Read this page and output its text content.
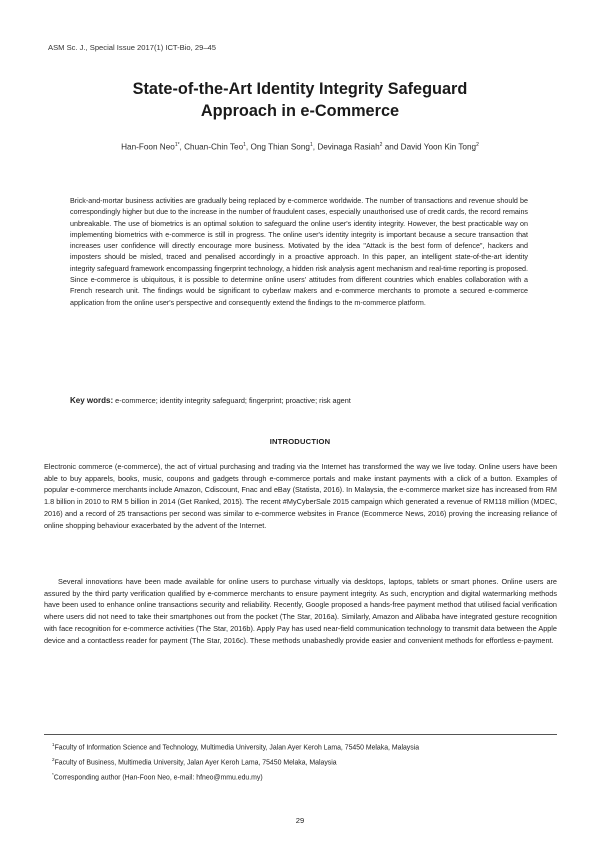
ASM Sc. J., Special Issue 2017(1) ICT-Bio, 29–45
State-of-the-Art Identity Integrity Safeguard
Approach in e-Commerce
Han-Foon Neo$^{1*}$, Chuan-Chin Teo$^1$, Ong Thian Song$^1$, Devinaga Rasiah$^2$ and David Yoon Kin Tong$^2$
Brick-and-mortar business activities are gradually being replaced by e-commerce worldwide. The number of transactions and revenue should be correspondingly higher but due to the increase in the number of fraudulent cases, especially unauthorised use of credit cards, the record remains unbreakable. The use of biometrics is an optimal solution to safeguard the online user's identity integrity. However, the best practicable way on implementing biometrics with e-commerce is still in progress. The online user's identity integrity is important because a secure transaction that increases user confidence will directly encourage more business. Motivated by the idea "Attack is the best form of defence", hackers and imposters should be misled, traced and penalised accordingly in a proactive approach. In this paper, an intelligent state-of-the-art identity integrity safeguard framework encompassing fingerprint technology, a hidden risk analysis agent mechanism and real-time reporting is proposed. Since e-commerce is ubiquitous, it is possible to determine online users' attitudes from different countries which enables collaboration with a French research unit. The findings would be significant to cyberlaw makers and e-commerce merchants to promote a secured e-commerce application from the online user's perspective and consequently extend the findings to the m-commerce platform.
Key words: e-commerce; identity integrity safeguard; fingerprint; proactive; risk agent
INTRODUCTION
Electronic commerce (e-commerce), the act of virtual purchasing and trading via the Internet has transformed the way we live today. Online users have been able to buy apparels, books, music, coupons and gadgets through e-commerce portals and make instant payments with a click of a button. Examples of popular e-commerce merchants include Amazon, Cdiscount, Fnac and eBay (Statista, 2016). In Malaysia, the e-commerce market size has increased from RM 1.8 billion in 2010 to RM 5 billion in 2014 (Get Ranked, 2015). The recent #MyCyberSale 2015 campaign which generated a revenue of RM118 million (MDEC, 2016) and a record of 25 transactions per second was similar to e-commerce websites in France (Ecommerce News, 2016) proving the increasing reliance of online shopping behaviour exacerbated by the advent of the Internet.
Several innovations have been made available for online users to purchase virtually via desktops, laptops, tablets or smart phones. Online users are assured by the third party verification qualified by e-commerce merchants to ensure payment integrity. As such, encryption and digital watermarking methods have been used to enhance online transactions security and reliability. Recently, Google proposed a hands-free payment method that utilised facial verification where users did not need to take their smartphones out from the pocket (The Star, 2016a). Similarly, Amazon and Alibaba have integrated gesture recognition with face recognition for e-commerce activities (The Star, 2016b). Apply Pay has used near-field communication technology to transmit data between the Apple device and a contactless reader for payment (The Star, 2016c). These methods unabashedly provide easier and convenient methods for effortless e-payment.
$^1$Faculty of Information Science and Technology, Multimedia University, Jalan Ayer Keroh Lama, 75450 Melaka, Malaysia
$^2$Faculty of Business, Multimedia University, Jalan Ayer Keroh Lama, 75450 Melaka, Malaysia
*Corresponding author (Han-Foon Neo, e-mail: hfneo@mmu.edu.my)
29
